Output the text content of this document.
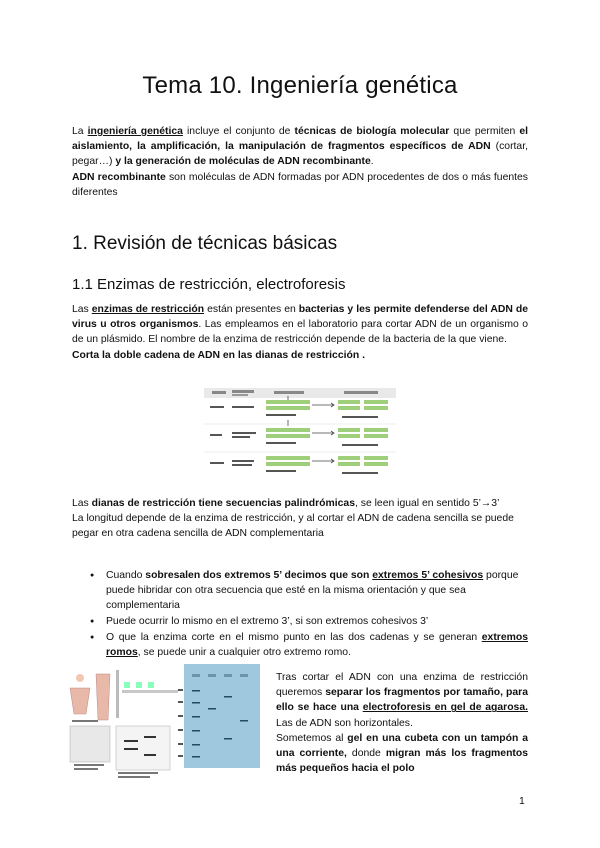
Tema 10. Ingeniería genética

La ingeniería genética incluye el conjunto de técnicas de biología molecular que permiten el aislamiento, la amplificación, la manipulación de fragmentos específicos de ADN (cortar, pegar…) y la generación de moléculas de ADN recombinante.

ADN recombinante son moléculas de ADN formadas por ADN procedentes de dos o más fuentes diferentes

1. Revisión de técnicas básicas
1.1 Enzimas de restricción, electroforesis

Las enzimas de restricción están presentes en bacterias y les permite defenderse del ADN de virus u otros organismos. Las empleamos en el laboratorio para cortar ADN de un organismo o de un plásmido. El nombre de la enzima de restricción depende de la bacteria de la que viene.

Corta la doble cadena de ADN en las dianas de restricción .

Las dianas de restricción tiene secuencias palindrómicas, se leen igual en sentido 5’→3’

La longitud depende de la enzima de restricción, y al cortar el ADN de cadena sencilla se puede pegar en otra cadena sencilla de ADN complementaria

● Cuando sobresalen dos extremos 5’ decimos que son extremos 5’ cohesivos porque puede hibridar con otra secuencia que esté en la misma orientación y que sea complementaria
● Puede ocurrir lo mismo en el extremo 3’, si son extremos cohesivos 3’
● O que la enzima corte en el mismo punto en las dos cadenas y se generan extremos romos, se puede unir a cualquier otro extremo romo.

Tras cortar el ADN con una enzima de restricción queremos separar los fragmentos por tamaño, para ello se hace una electroforesis en gel de agarosa. Las de ADN son horizontales.

Sometemos al gel en una cubeta con un tampón a una corriente, donde migran más los fragmentos más pequeños hacia el polo

1
